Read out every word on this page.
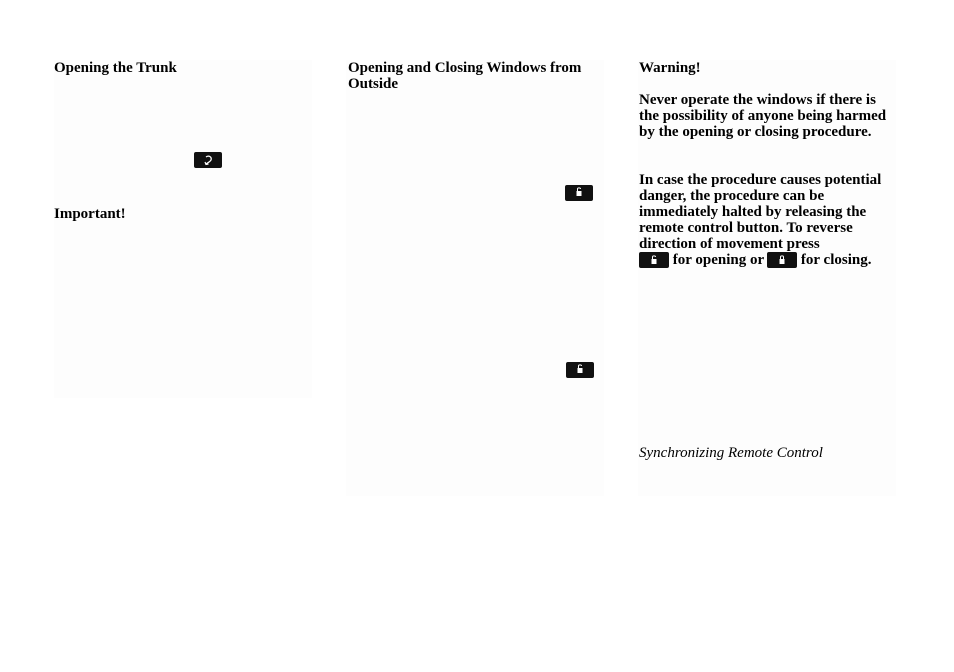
Opening the Trunk
Important!
Opening and Closing Windows from Outside
Warning!

Never operate the windows if there is the possibility of anyone being harmed by the opening or closing procedure.

In case the procedure causes potential danger, the procedure can be immediately halted by releasing the remote control button. To reverse direction of movement press

for opening or
for closing.

Synchronizing Remote Control
